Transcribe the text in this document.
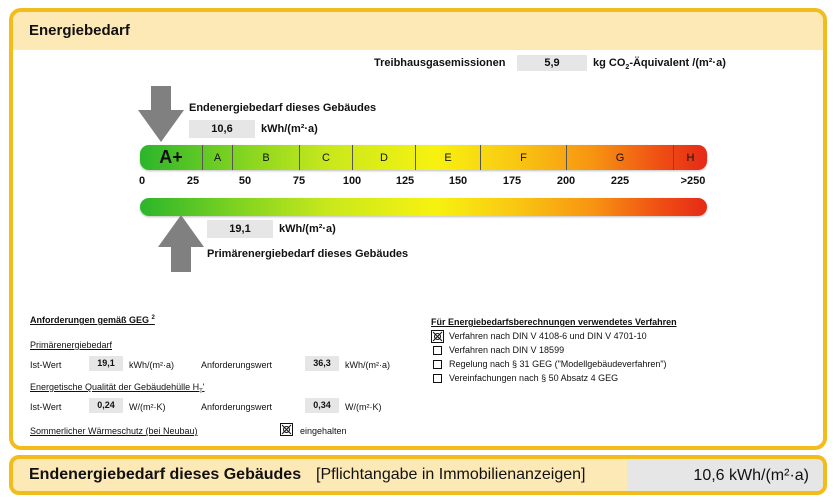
Energiebedarf
Treibhausgasemissionen	5,9	kg $CO_2$-Äquivalent /(m²·a)
Endenergiebedarf dieses Gebäudes
10,6	kWh/(m²·a)
A+	A	B	C	D	E	F	G	H
0	25	50	75	100	125	150	175	200	225	>250
19,1	kWh/(m²·a)
Primärenergiebedarf dieses Gebäudes
Anforderungen gemäß GEG $^2$
Primärenergiebedarf
Ist-Wert	19,1	kWh/(m²·a)	Anforderungswert	36,3	kWh/(m²·a)
Energetische Qualität der Gebäudehülle $H_T'$
Ist-Wert	0,24	W/(m²·K)	Anforderungswert	0,34	W/(m²·K)
Sommerlicher Wärmeschutz (bei Neubau)	eingehalten
Für Energiebedarfsberechnungen verwendetes Verfahren
Verfahren nach DIN V 4108-6 und DIN V 4701-10
Verfahren nach DIN V 18599
Regelung nach § 31 GEG ("Modellgebäudeverfahren")
Vereinfachungen nach § 50 Absatz 4 GEG
Endenergiebedarf dieses Gebäudes [Pflichtangabe in Immobilienanzeigen]	10,6 kWh/(m²·a)
